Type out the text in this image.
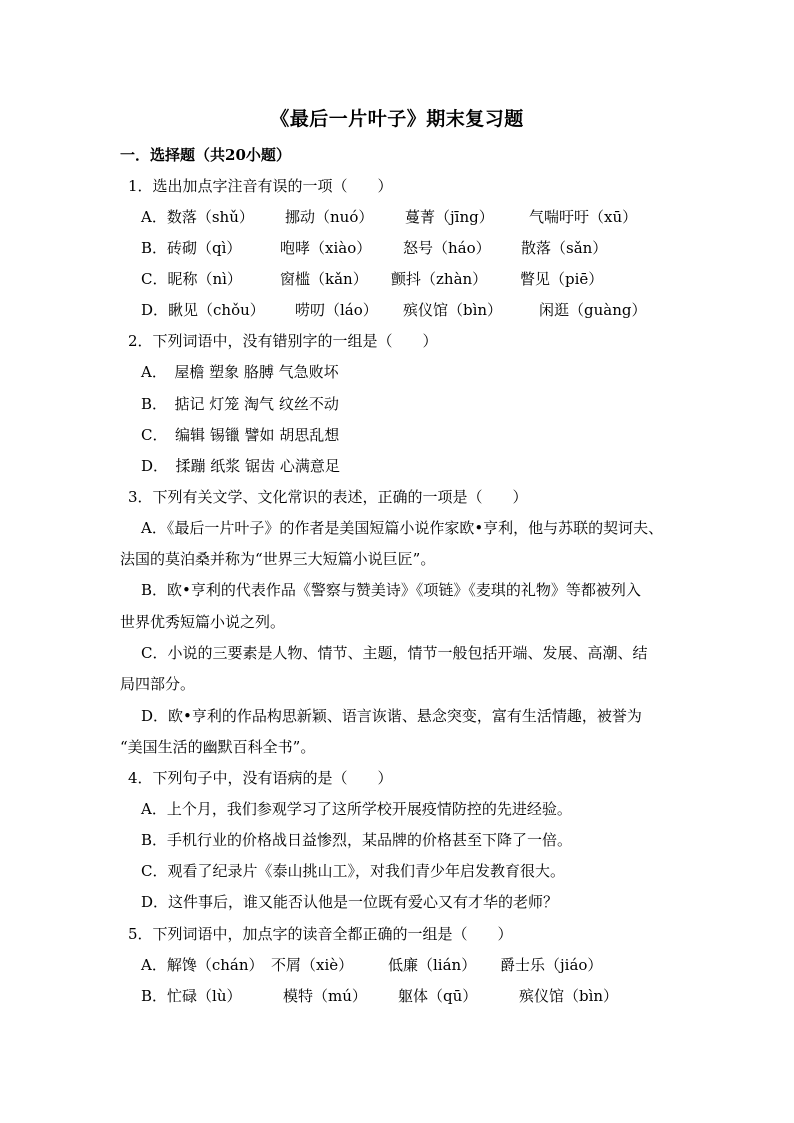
《最后一片叶子》期末复习题
一．选择题（共20小题）
1．选出加点字注音有误的一项（　　）
A．数落（shǔ） 挪动（nuó） 蔓菁（jīng） 气喘吁吁（xū）
B．砖砌（qì）	咆哮（xiào） 怒号（háo） 散落（sǎn）
C．昵称（nì）	窗槛（kǎn） 颤抖（zhàn） 瞥见（piē）
D．瞅见（chǒu） 唠叨（láo） 殡仪馆（bìn） 闲逛（guàng）
2．下列词语中，没有错别字的一组是（　　）
A．　屋檐 塑象 胳膊 气急败坏
B．　掂记 灯笼 淘气 纹丝不动
C．　编辑 锡镴 譬如 胡思乱想
D．　揉蹦 纸浆 锯齿 心满意足
3．下列有关文学、文化常识的表述，正确的一项是（　　）
A．《最后一片叶子》的作者是美国短篇小说作家欧•亨利，他与苏联的契诃夫、
法国的莫泊桑并称为“世界三大短篇小说巨匠”。
B．欧•亨利的代表作品《警察与赞美诗》《项链》《麦琪的礼物》等都被列入
世界优秀短篇小说之列。
C．小说的三要素是人物、情节、主题，情节一般包括开端、发展、高潮、结
局四部分。
D．欧•亨利的作品构思新颖、语言诙谐、悬念突变，富有生活情趣，被誉为
“美国生活的幽默百科全书”。
4．下列句子中，没有语病的是（　　）
A．上个月，我们参观学习了这所学校开展疫情防控的先进经验。
B．手机行业的价格战日益惨烈，某品牌的价格甚至下降了一倍。
C．观看了纪录片《泰山挑山工》，对我们青少年启发教育很大。
D．这件事后，谁又能否认他是一位既有爱心又有才华的老师？
5．下列词语中，加点字的读音全都正确的一组是（　　）
A．解馋（chán） 不屑（xiè） 低廉（lián） 爵士乐（jiáo）
B．忙碌（lù）	模特（mú） 躯体（qū）	殡仪馆（bìn）
